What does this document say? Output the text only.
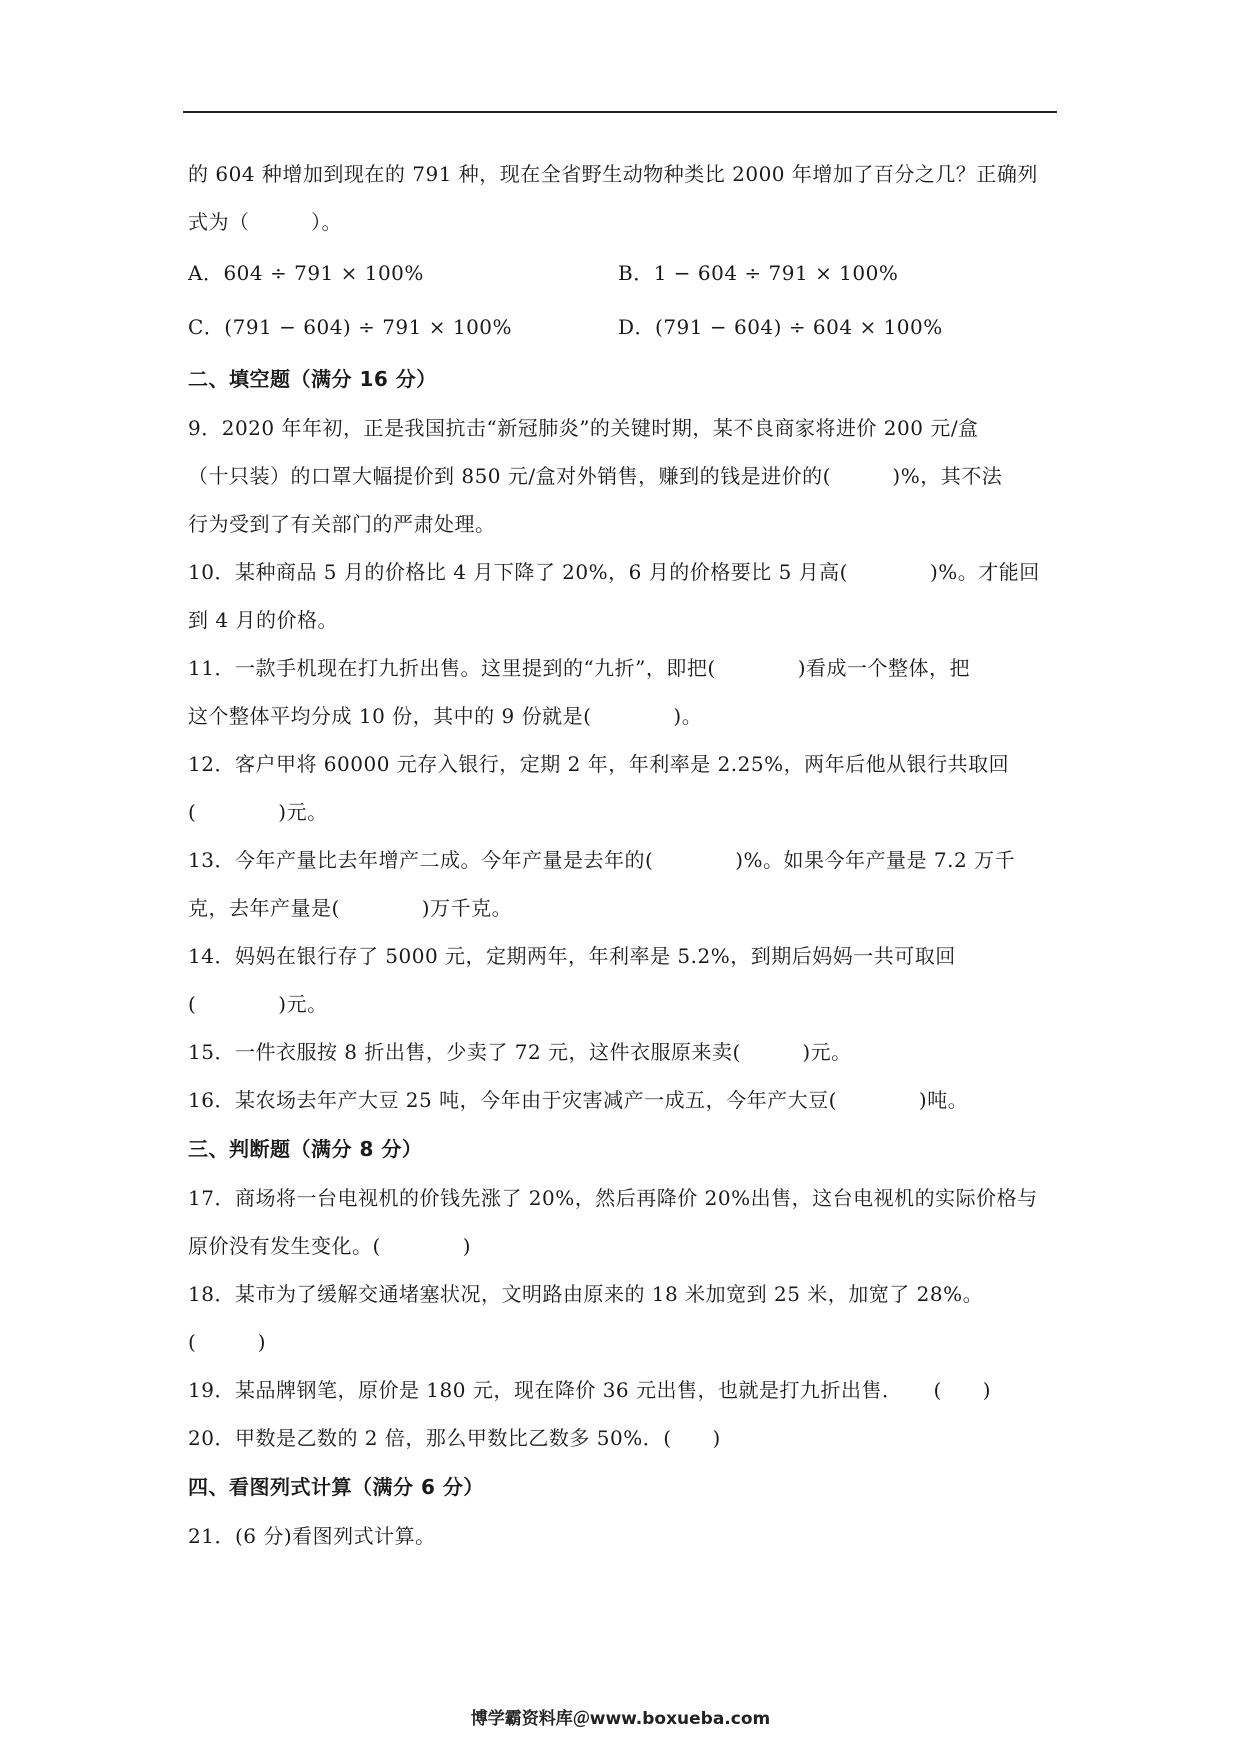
的 604 种增加到现在的 791 种，现在全省野生动物种类比 2000 年增加了百分之几？正确列
式为（　　　）。
A．604 ÷ 791 × 100%	B．1 − 604 ÷ 791 × 100%
C．(791 − 604) ÷ 791 × 100%	D．(791 − 604) ÷ 604 × 100%
二、填空题（满分 16 分）
9．2020 年年初，正是我国抗击“新冠肺炎”的关键时期，某不良商家将进价 200 元/盒
（十只装）的口罩大幅提价到 850 元/盒对外销售，赚到的钱是进价的(　　　)%，其不法
行为受到了有关部门的严肃处理。
10．某种商品 5 月的价格比 4 月下降了 20%，6 月的价格要比 5 月高(　　　　)%。才能回
到 4 月的价格。
11．一款手机现在打九折出售。这里提到的“九折”，即把(　　　　)看成一个整体，把
这个整体平均分成 10 份，其中的 9 份就是(　　　　)。
12．客户甲将 60000 元存入银行，定期 2 年，年利率是 2.25%，两年后他从银行共取回
(　　　　)元。
13．今年产量比去年增产二成。今年产量是去年的(　　　　)%。如果今年产量是 7.2 万千
克，去年产量是(　　　　)万千克。
14．妈妈在银行存了 5000 元，定期两年，年利率是 5.2%，到期后妈妈一共可取回
(　　　　)元。
15．一件衣服按 8 折出售，少卖了 72 元，这件衣服原来卖(　　　)元。
16．某农场去年产大豆 25 吨，今年由于灾害减产一成五，今年产大豆(　　　　)吨。
三、判断题（满分 8 分）
17．商场将一台电视机的价钱先涨了 20%，然后再降价 20%出售，这台电视机的实际价格与
原价没有发生变化。(　　　　)
18．某市为了缓解交通堵塞状况，文明路由原来的 18 米加宽到 25 米，加宽了 28%。
(　　　)
19．某品牌钢笔，原价是 180 元，现在降价 36 元出售，也就是打九折出售．　　(　　)
20．甲数是乙数的 2 倍，那么甲数比乙数多 50%．(　　)
四、看图列式计算（满分 6 分）
21．(6 分)看图列式计算。
博学霸资料库＠www.boxueba.com
